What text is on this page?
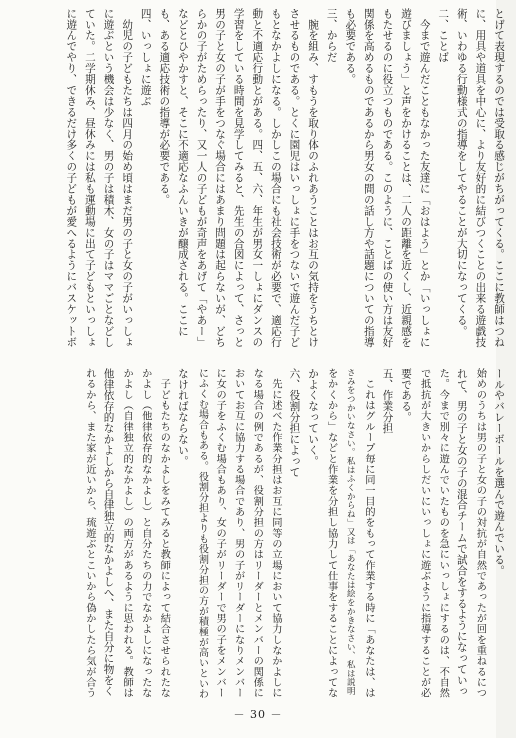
とげて表現するのでは受取る感じがちがってくる。ここに教師はつね

に、用具や道具を中心に、より友好的に結びつくことの出来る遊戯技

術、いわゆる行動様式の指導をしてやることが大切になってくる。

二、ことば

　今まで遊んだこともなかった友達に「おはよう」とか「いっしょに

遊びましょう」と声をかけることは、二人の距離を近くし、近親感を

もたせるのに役立つものである。このように、ことばの使い方は友好

関係を高めるものであるから男女の間の話し方や話題についての指導

も必要である。

三、からだ

　腕を組み、すもうを取り体のふれあうことはお互の気持をうちとけ

させるものである。とくに園児はいっしょに手をつないで遊んだ子ど

もとなかよしになる。しかしこの場合にも社会技術が必要で、適応行

動と不適応行動とがある。四、五、六、年生が男女一しょにダンスの

学習をしている時間を見学してみると、先生の合図によって、さっと

男の子と女の子が手をつなぐ場合にはあまり問題は起らないが、どち

らかの子がためらったり、又一人の子どもが奇声をあげて「やあー」

などとひやかすと、そこに不適応なふんいきが醸成される。ここに

も、ある適応技術の指導が必要である。

四、いっしょに遊ぶ

　幼児の子どもたちは四月の始め頃はまだ男の子と女の子がいっしょ

に遊ぶという機会は少なく、男の子は積木、女の子はママごとなどし

ていた。二学期休み、昼休みには私も運動場に出て子どもといっしょ

に遊んでやり、できるだけ多くの子どもが愛へるようにバスケットボ

ールやバレーボールを選んで遊んでいる。

始めのうちは男の子と女の子の対抗が自然であったが回を重ねるにつ

れて、男の子と女の子の混合チームで試合をするようになっていっ

た。今まで別々に遊んでいたものを急にいっしょにするのは、不自然

で抵抗が大きいからしだいにいっしょに遊ぶように指導することが必

要である。

五、作業分担

　これはグループ毎に同一目的をもって作業する時に「あなたは、は

さみをつかいなさい。私はふくからね」又は「あなたは絵をかきなさい、私は説明

をかくから」などと作業を分担し協力して仕事をすることによってな

かよくなっていく。

六、役割分担によって

　先に述べた作業分担はお互に同等の立場において協力しなかよしに

なる場合の例であるが、役割分担の方はリーダーとメンバーの関係に

おいてお互に協力する場合であり、男の子がリーダーになりメンバー

に女の子をふくむ場合もあり、女の子がリーダーで男の子をメンバー

にふくむ場合もある。役割分担よりも役割分担の方が積極が高いといわ

なければならない。

　子どもたちのなかよしをみてみると教師によって結合させられたな

かよし（他律依存的なかよし）と自分たちの力でなかよしになったな

かよし（自律独立的なかよし）の両方があるように思われる。教師は

他律依存的なかよしから自律独立的なかよしへ、また自分に物をく

れるから、また家が近いから、琉遊ぶとこいから偽かしたら気が合う

－ 30 －
